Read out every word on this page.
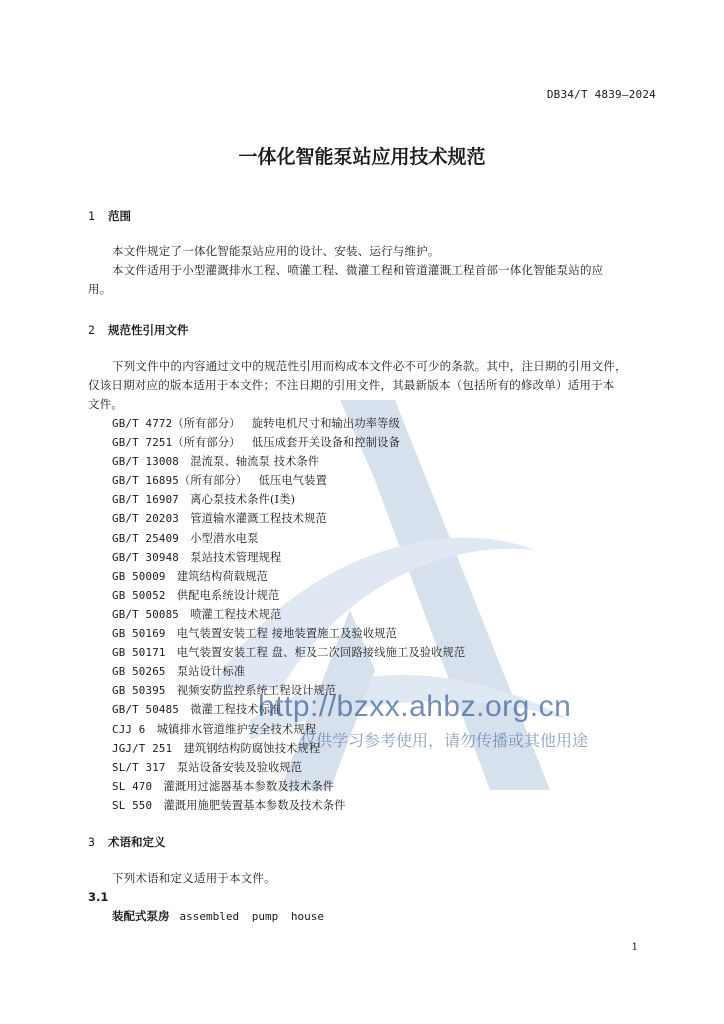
DB34/T 4839—2024
一体化智能泵站应用技术规范
1 范围
本文件规定了一体化智能泵站应用的设计、安装、运行与维护。
本文件适用于小型灌溉排水工程、喷灌工程、微灌工程和管道灌溉工程首部一体化智能泵站的应
用。
2 规范性引用文件
下列文件中的内容通过文中的规范性引用而构成本文件必不可少的条款。其中，注日期的引用文件，
仅该日期对应的版本适用于本文件；不注日期的引用文件，其最新版本（包括所有的修改单）适用于本
文件。
GB/T 4772（所有部分） 旋转电机尺寸和输出功率等级
GB/T 7251（所有部分） 低压成套开关设备和控制设备
GB/T 13008 混流泵、轴流泵 技术条件
GB/T 16895（所有部分） 低压电气装置
GB/T 16907 离心泵技术条件(Ⅰ类)
GB/T 20203 管道输水灌溉工程技术规范
GB/T 25409 小型潜水电泵
GB/T 30948 泵站技术管理规程
GB 50009 建筑结构荷载规范
GB 50052 供配电系统设计规范
GB/T 50085 喷灌工程技术规范
GB 50169 电气装置安装工程 接地装置施工及验收规范
GB 50171 电气装置安装工程 盘、柜及二次回路接线施工及验收规范
GB 50265 泵站设计标准
GB 50395 视频安防监控系统工程设计规范
GB/T 50485 微灌工程技术标准
CJJ 6 城镇排水管道维护安全技术规程
JGJ/T 251 建筑钢结构防腐蚀技术规程
SL/T 317 泵站设备安装及验收规范
SL 470 灌溉用过滤器基本参数及技术条件
SL 550 灌溉用施肥装置基本参数及技术条件
3 术语和定义
下列术语和定义适用于本文件。
3.1
装配式泵房 assembled pump house
http://bzxx.ahbz.org.cn
仅供学习参考使用，请勿传播或其他用途
1
